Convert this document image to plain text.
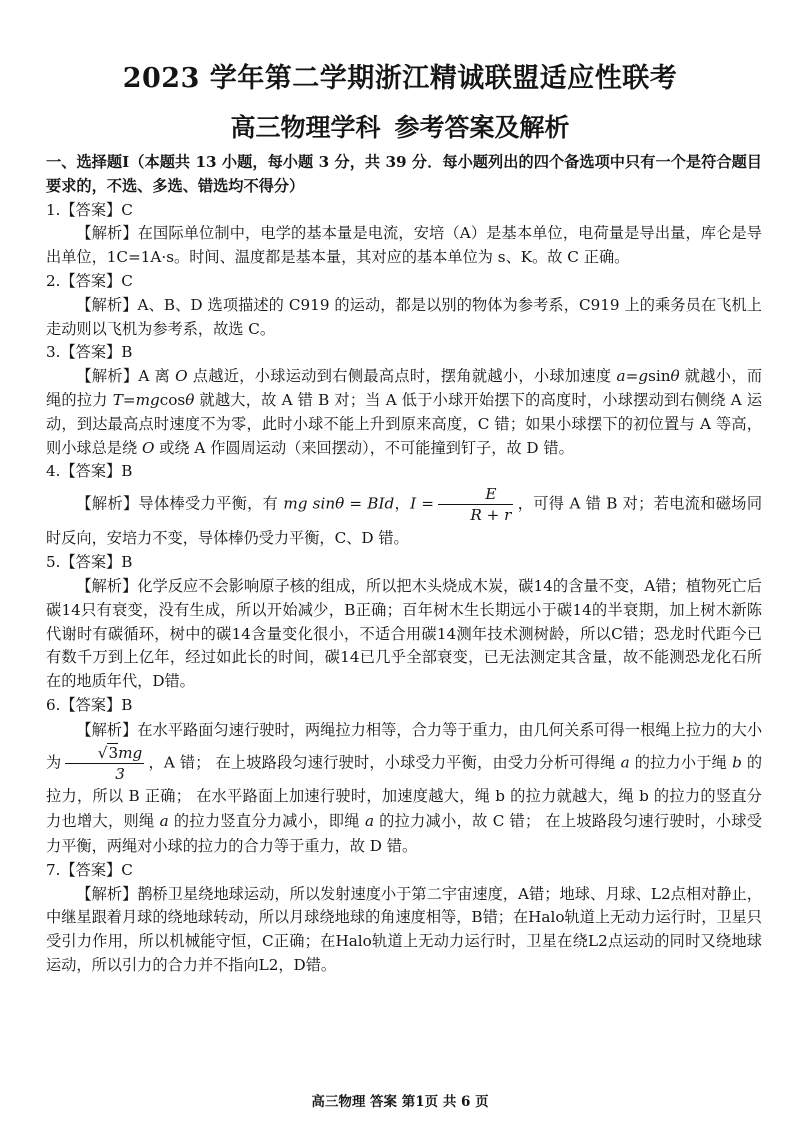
2023 学年第二学期浙江精诚联盟适应性联考
高三物理学科 参考答案及解析

一、选择题Ⅰ（本题共 13 小题，每小题 3 分，共 39 分．每小题列出的四个备选项中只有一个是符合题目要求的，不选、多选、错选均不得分）

1.【答案】C

【解析】在国际单位制中，电学的基本量是电流，安培（A）是基本单位，电荷量是导出量，库仑是导出单位，1C=1A·s。时间、温度都是基本量，其对应的基本单位为 s、K。故 C 正确。

2.【答案】C

【解析】A、B、D 选项描述的 C919 的运动，都是以别的物体为参考系，C919 上的乘务员在飞机上走动则以飞机为参考系，故选 C。

3.【答案】B

【解析】A 离 O 点越近，小球运动到右侧最高点时，摆角就越小，小球加速度 a=gsinθ 就越小，而绳的拉力 T=mgcosθ 就越大，故 A 错 B 对；当 A 低于小球开始摆下的高度时，小球摆动到右侧绕 A 运动，到达最高点时速度不为零，此时小球不能上升到原来高度，C 错；如果小球摆下的初位置与 A 等高，则小球总是绕 O 或绕 A 作圆周运动（来回摆动），不可能撞到钉子，故 D 错。

4.【答案】B

【解析】导体棒受力平衡，有 mg sinθ = BId，$I = \frac{E}{R + r}$ ，可得 A 错 B 对；若电流和磁场同时反向，安培力不变，导体棒仍受力平衡，C、D 错。

5.【答案】B

【解析】化学反应不会影响原子核的组成，所以把木头烧成木炭，碳14的含量不变，A错；植物死亡后碳14只有衰变，没有生成，所以开始减少，B正确；百年树木生长期远小于碳14的半衰期，加上树木新陈代谢时有碳循环，树中的碳14含量变化很小，不适合用碳14测年技术测树龄，所以C错；恐龙时代距今已有数千万到上亿年，经过如此长的时间，碳14已几乎全部衰变，已无法测定其含量，故不能测恐龙化石所在的地质年代，D错。

6.【答案】B

【解析】在水平路面匀速行驶时，两绳拉力相等，合力等于重力，由几何关系可得一根绳上拉力的大小为 $\frac{√3mg}{3}$ ，A 错； 在上坡路段匀速行驶时，小球受力平衡，由受力分析可得绳 a 的拉力小于绳 b 的拉力，所以 B 正确； 在水平路面上加速行驶时，加速度越大，绳 b 的拉力就越大，绳 b 的拉力的竖直分力也增大，则绳 a 的拉力竖直分力减小，即绳 a 的拉力减小，故 C 错； 在上坡路段匀速行驶时，小球受力平衡，两绳对小球的拉力的合力等于重力，故 D 错。

7.【答案】C

【解析】鹊桥卫星绕地球运动，所以发射速度小于第二宇宙速度，A错；地球、月球、L2点相对静止，中继星跟着月球的绕地球转动，所以月球绕地球的角速度相等，B错；在Halo轨道上无动力运行时，卫星只受引力作用，所以机械能守恒，C正确；在Halo轨道上无动力运行时，卫星在绕L2点运动的同时又绕地球运动，所以引力的合力并不指向L2，D错。

高三物理 答案 第1页 共 6 页
